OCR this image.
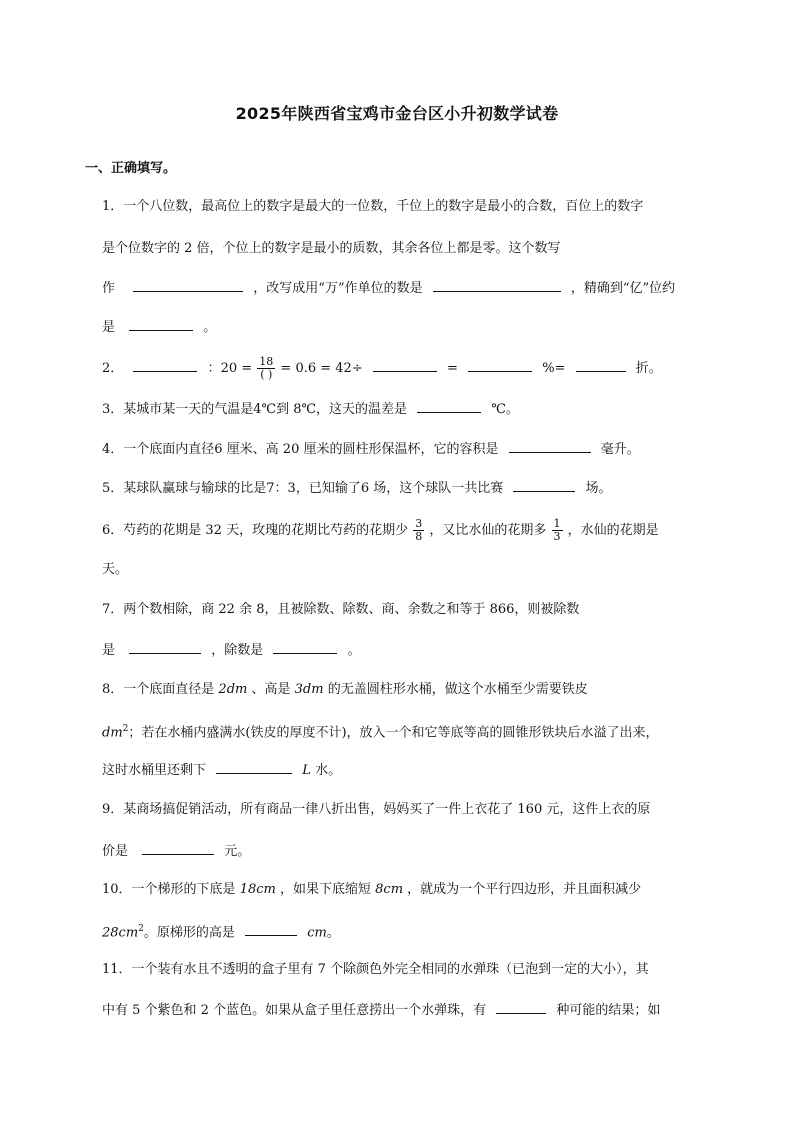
2025年陕西省宝鸡市金台区小升初数学试卷
一、正确填写。
1．一个八位数，最高位上的数字是最大的一位数，千位上的数字是最小的合数，百位上的数字
是个位数字的 2 倍，个位上的数字是最小的质数，其余各位上都是零。这个数写
作	，改写成用“万”作单位的数是	，精确到“亿”位约
是	。
2．	：$20 = \frac{18}{( )} = 0.6 = 42\div$	=	%=	折。
3．某城市某一天的气温是4℃到 8℃，这天的温差是	℃。
4．一个底面内直径6 厘米、高 20 厘米的圆柱形保温杯，它的容积是	毫升。
5．某球队赢球与输球的比是7：3，已知输了6 场，这个球队一共比赛	场。
6．芍药的花期是 32 天，玫瑰的花期比芍药的花期少 $\frac{3}{8}$ ，又比水仙的花期多 $\frac{1}{3}$ ，水仙的花期是
天。
7．两个数相除，商 22 余 8，且被除数、除数、商、余数之和等于 866，则被除数
是	，除数是	。
8．一个底面直径是 2dm 、高是 3dm 的无盖圆柱形水桶，做这个水桶至少需要铁皮
$dm^2$；若在水桶内盛满水(铁皮的厚度不计)，放入一个和它等底等高的圆锥形铁块后水溢了出来，
这时水桶里还剩下	L 水。
9．某商场搞促销活动，所有商品一律八折出售，妈妈买了一件上衣花了 160 元，这件上衣的原
价是	元。
10．一个梯形的下底是 18cm ，如果下底缩短 8cm ，就成为一个平行四边形，并且面积减少
$28cm^2$。原梯形的高是	cm。
11．一个装有水且不透明的盒子里有 7 个除颜色外完全相同的水弹珠（已泡到一定的大小），其
中有 5 个紫色和 2 个蓝色。如果从盒子里任意捞出一个水弹珠，有	种可能的结果；如
